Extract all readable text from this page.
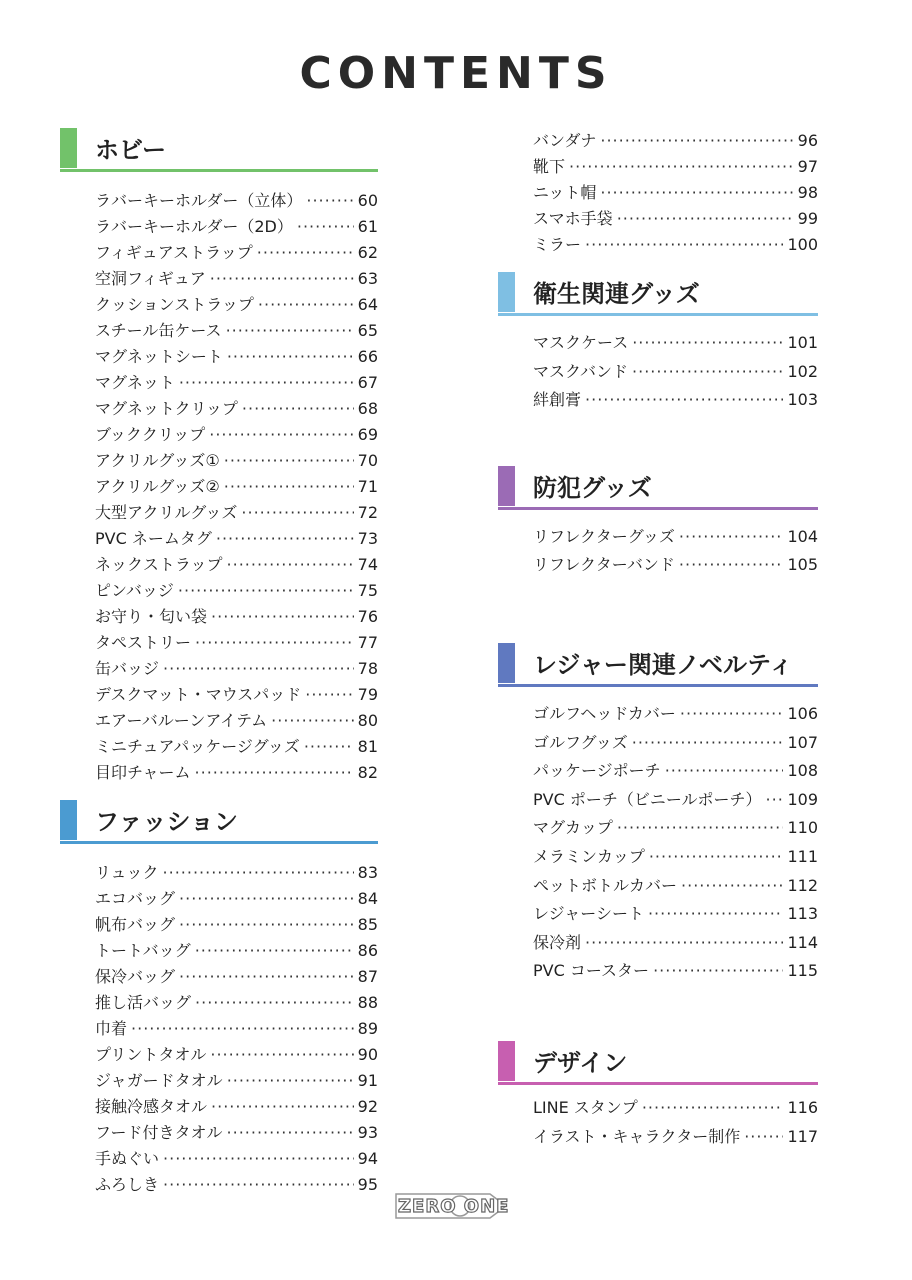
CONTENTS
ホビー
ラバーキーホルダー（立体） ·····	60
ラバーキーホルダー（2D） ·····	61
フィギュアストラップ ·····	62
空洞フィギュア ·····	63
クッションストラップ ·····	64
スチール缶ケース ·····	65
マグネットシート ·····	66
マグネット ·····	67
マグネットクリップ ·····	68
ブッククリップ ·····	69
アクリルグッズ① ·····	70
アクリルグッズ② ·····	71
大型アクリルグッズ ·····	72
PVC ネームタグ ·····	73
ネックストラップ ·····	74
ピンバッジ ·····	75
お守り・匂い袋 ·····	76
タペストリー ·····	77
缶バッジ ·····	78
デスクマット・マウスパッド ·····	79
エアーバルーンアイテム ·····	80
ミニチュアパッケージグッズ ·····	81
目印チャーム ·····	82
ファッション
リュック ·····	83
エコバッグ ·····	84
帆布バッグ ·····	85
トートバッグ ·····	86
保冷バッグ ·····	87
推し活バッグ ·····	88
巾着 ·····	89
プリントタオル ·····	90
ジャガードタオル ·····	91
接触冷感タオル ·····	92
フード付きタオル ·····	93
手ぬぐい ·····	94
ふろしき ·····	95
バンダナ ·····	96
靴下 ·····	97
ニット帽 ·····	98
スマホ手袋 ·····	99
ミラー ·····	100
衛生関連グッズ
マスクケース ·····	101
マスクバンド ·····	102
絆創膏 ·····	103
防犯グッズ
リフレクターグッズ ·····	104
リフレクターバンド ·····	105
レジャー関連ノベルティ
ゴルフヘッドカバー ·····	106
ゴルフグッズ ·····	107
パッケージポーチ ·····	108
PVC ポーチ（ビニールポーチ） ····· 109
マグカップ ·····	110
メラミンカップ ·····	111
ペットボトルカバー ·····	112
レジャーシート ·····	113
保冷剤 ·····	114
PVC コースター ·····	115
デザイン
LINE スタンプ ·····	116
イラスト・キャラクター制作 ·····	117
ZERO ONE
